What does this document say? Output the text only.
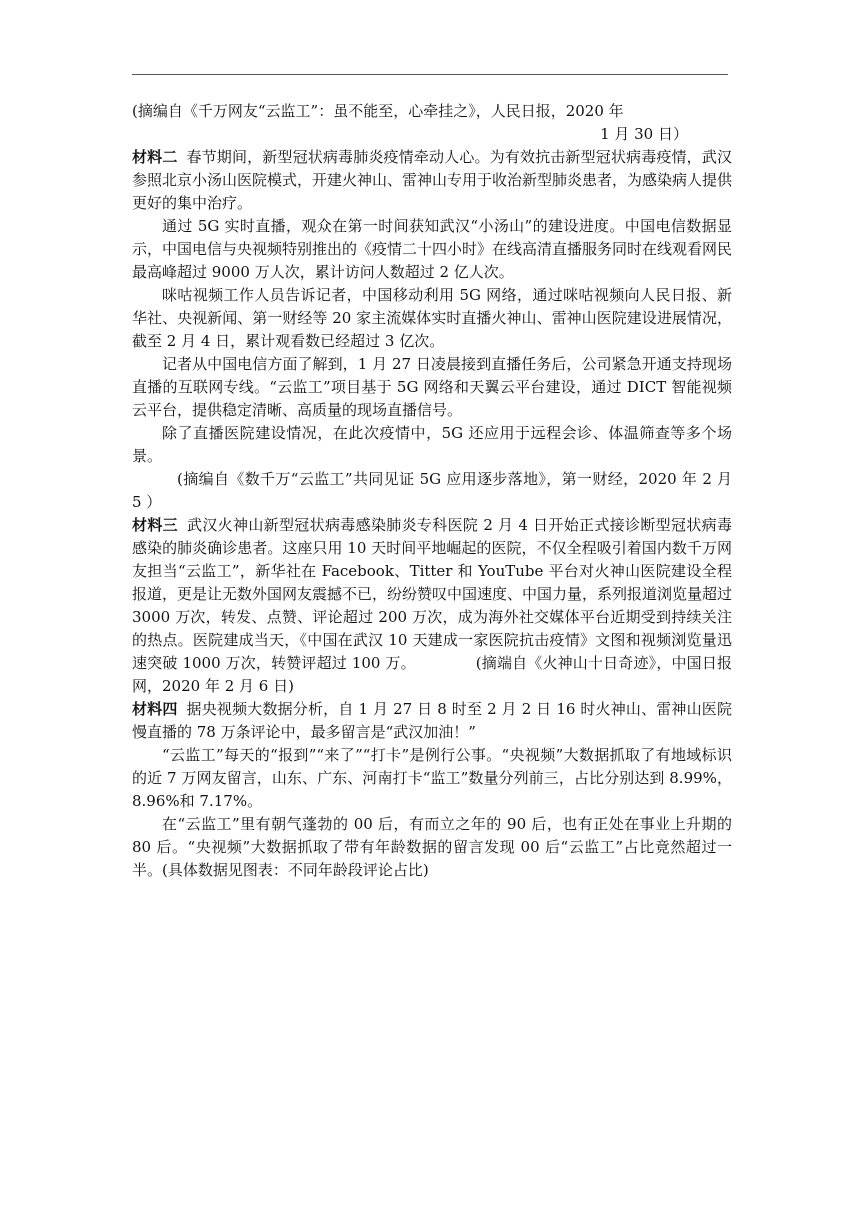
(摘编自《千万网友“云监工”：虽不能至，心牵挂之》，人民日报，2020 年

1 月 30 日）

材料二 春节期间，新型冠状病毒肺炎疫情牵动人心。为有效抗击新型冠状病毒疫情，武汉参照北京小汤山医院模式，开建火神山、雷神山专用于收治新型肺炎患者，为感染病人提供更好的集中治疗。

通过 5G 实时直播，观众在第一时间获知武汉“小汤山”的建设进度。中国电信数据显示，中国电信与央视频特别推出的《疫情二十四小时》在线高清直播服务同时在线观看网民最高峰超过 9000 万人次，累计访问人数超过 2 亿人次。

咪咕视频工作人员告诉记者，中国移动利用 5G 网络，通过咪咕视频向人民日报、新华社、央视新闻、第一财经等 20 家主流媒体实时直播火神山、雷神山医院建设进展情况，截至 2 月 4 日，累计观看数已经超过 3 亿次。

记者从中国电信方面了解到，1 月 27 日凌晨接到直播任务后，公司紧急开通支持现场直播的互联网专线。“云监工”项目基于 5G 网络和天翼云平台建设，通过 DICT 智能视频云平台，提供稳定清晰、高质量的现场直播信号。

除了直播医院建设情况，在此次疫情中，5G 还应用于远程会诊、体温筛查等多个场景。

(摘编自《数千万“云监工”共同见证 5G 应用逐步落地》，第一财经，2020 年 2 月 5 ）

材料三 武汉火神山新型冠状病毒感染肺炎专科医院 2 月 4 日开始正式接诊断型冠状病毒感染的肺炎确诊患者。这座只用 10 天时间平地崛起的医院，不仅全程吸引着国内数千万网友担当“云监工”，新华社在 Facebook、Titter 和 YouTube 平台对火神山医院建设全程报道，更是让无数外国网友震撼不已，纷纷赞叹中国速度、中国力量，系列报道浏览量超过 3000 万次，转发、点赞、评论超过 200 万次，成为海外社交媒体平台近期受到持续关注的热点。医院建成当天，《中国在武汉 10 天建成一家医院抗击疫情》文图和视频浏览量迅速突破 1000 万次，转赞评超过 100 万。	(摘端自《火神山十日奇迹》，中国日报网，2020 年 2 月 6 日)

材料四 据央视频大数据分析，自 1 月 27 日 8 时至 2 月 2 日 16 时火神山、雷神山医院慢直播的 78 万条评论中，最多留言是“武汉加油！”

“云监工”每天的“报到”“来了”“打卡”是例行公事。“央视频”大数据抓取了有地域标识的近 7 万网友留言，山东、广东、河南打卡“监工”数量分列前三，占比分别达到 8.99%，8.96%和 7.17%。

在“云监工”里有朝气蓬勃的 00 后，有而立之年的 90 后，也有正处在事业上升期的 80 后。“央视频”大数据抓取了带有年龄数据的留言发现 00 后“云监工”占比竟然超过一半。(具体数据见图表：不同年龄段评论占比)
